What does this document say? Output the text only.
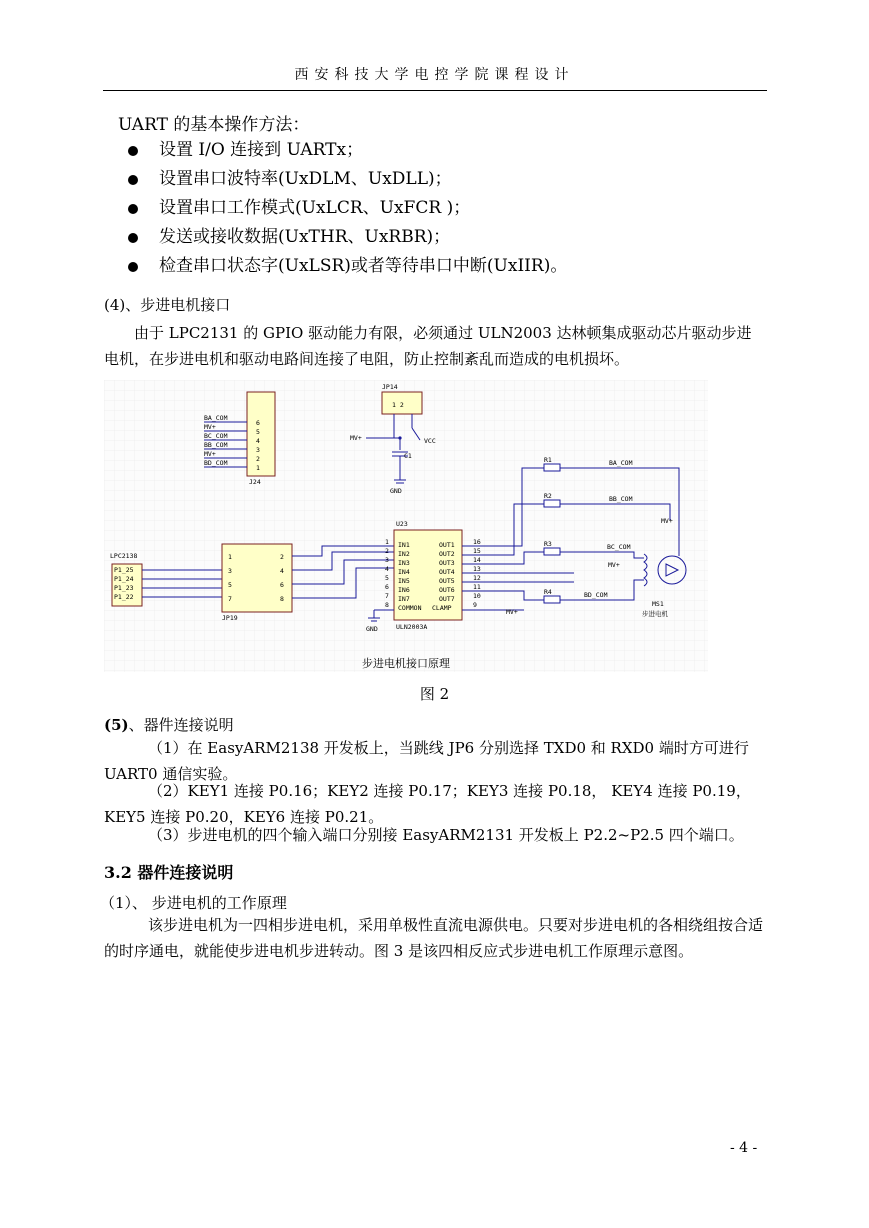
西安科技大学电控学院课程设计
UART 的基本操作方法：
设置 I/O 连接到 UARTx；
设置串口波特率(UxDLM、UxDLL)；
设置串口工作模式(UxLCR、UxFCR )；
发送或接收数据(UxTHR、UxRBR)；
检查串口状态字(UxLSR)或者等待串口中断(UxIIR)。

(4)、步进电机接口

由于 LPC2131 的 GPIO 驱动能力有限，必须通过 ULN2003 达林顿集成驱动芯片驱动步进电机，在步进电机和驱动电路间连接了电阻，防止控制紊乱而造成的电机损坏。

J24
BA_COM
MV+
BC_COM
BB_COM
MV+
BD_COM
6
5
4
3
2
1
JP14
1 2
MV+	VCC
C1
GND
LPC2138
P1_25
P1_24
P1_23
P1_22
JP19
1
3
5
7
2
4
6
8
U23
ULN2003A
IN1
IN2
IN3
IN4
IN5
IN6
IN7
COMMON
OUT1
OUT2
OUT3
OUT4
OUT5
OUT6
OUT7
CLAMP
1
2
3
4
5
6
7
8
16
15
14
13
12
11
10
9
MV+
GND
R1
R2
R3
R4
BA_COM
BB_COM
BC_COM
BD_COM
MV+
MV+
MS1
步进电机
步进电机接口原理
图 2

(5)、器件连接说明

（1）在 EasyARM2138 开发板上，当跳线 JP6 分别选择 TXD0 和 RXD0 端时方可进行UART0 通信实验。

（2）KEY1 连接 P0.16；KEY2 连接 P0.17；KEY3 连接 P0.18， KEY4 连接 P0.19， KEY5 连接 P0.20，KEY6 连接 P0.21。

（3）步进电机的四个输入端口分别接 EasyARM2131 开发板上 P2.2~P2.5 四个端口。

3.2 器件连接说明

（1）、 步进电机的工作原理

该步进电机为一四相步进电机，采用单极性直流电源供电。只要对步进电机的各相绕组按合适的时序通电，就能使步进电机步进转动。图 3 是该四相反应式步进电机工作原理示意图。

- 4 -
